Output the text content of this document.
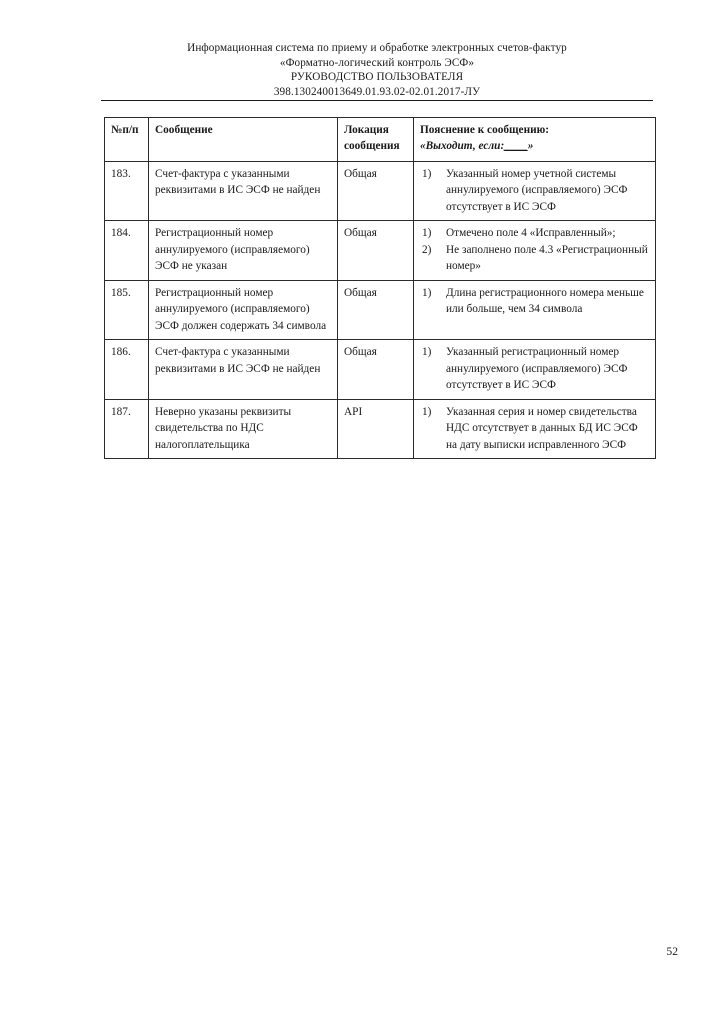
Информационная система по приему и обработке электронных счетов-фактур
«Форматно-логический контроль ЭСФ»
РУКОВОДСТВО ПОЛЬЗОВАТЕЛЯ
398.130240013649.01.93.02-02.01.2017-ЛУ
№п/п	Сообщение	Локация сообщения	Пояснение к сообщению:
«Выходит, если:____»

183.	Счет-фактура с указанными реквизитами в ИС ЭСФ не найден	Общая	1) Указанный номер учетной системы аннулируемого (исправляемого) ЭСФ отсутствует в ИС ЭСФ

184.	Регистрационный номер аннулируемого (исправляемого) ЭСФ не указан	Общая	1) Отмечено поле 4 «Исправленный»;
2) Не заполнено поле 4.3 «Регистрационный номер»

185.	Регистрационный номер аннулируемого (исправляемого) ЭСФ должен содержать 34 символа	Общая	1) Длина регистрационного номера меньше или больше, чем 34 символа

186.	Счет-фактура с указанными реквизитами в ИС ЭСФ не найден	Общая	1) Указанный регистрационный номер аннулируемого (исправляемого) ЭСФ отсутствует в ИС ЭСФ

187.	Неверно указаны реквизиты свидетельства по НДС налогоплательщика	API	1) Указанная серия и номер свидетельства НДС отсутствует в данных БД ИС ЭСФ на дату выписки исправленного ЭСФ
52
